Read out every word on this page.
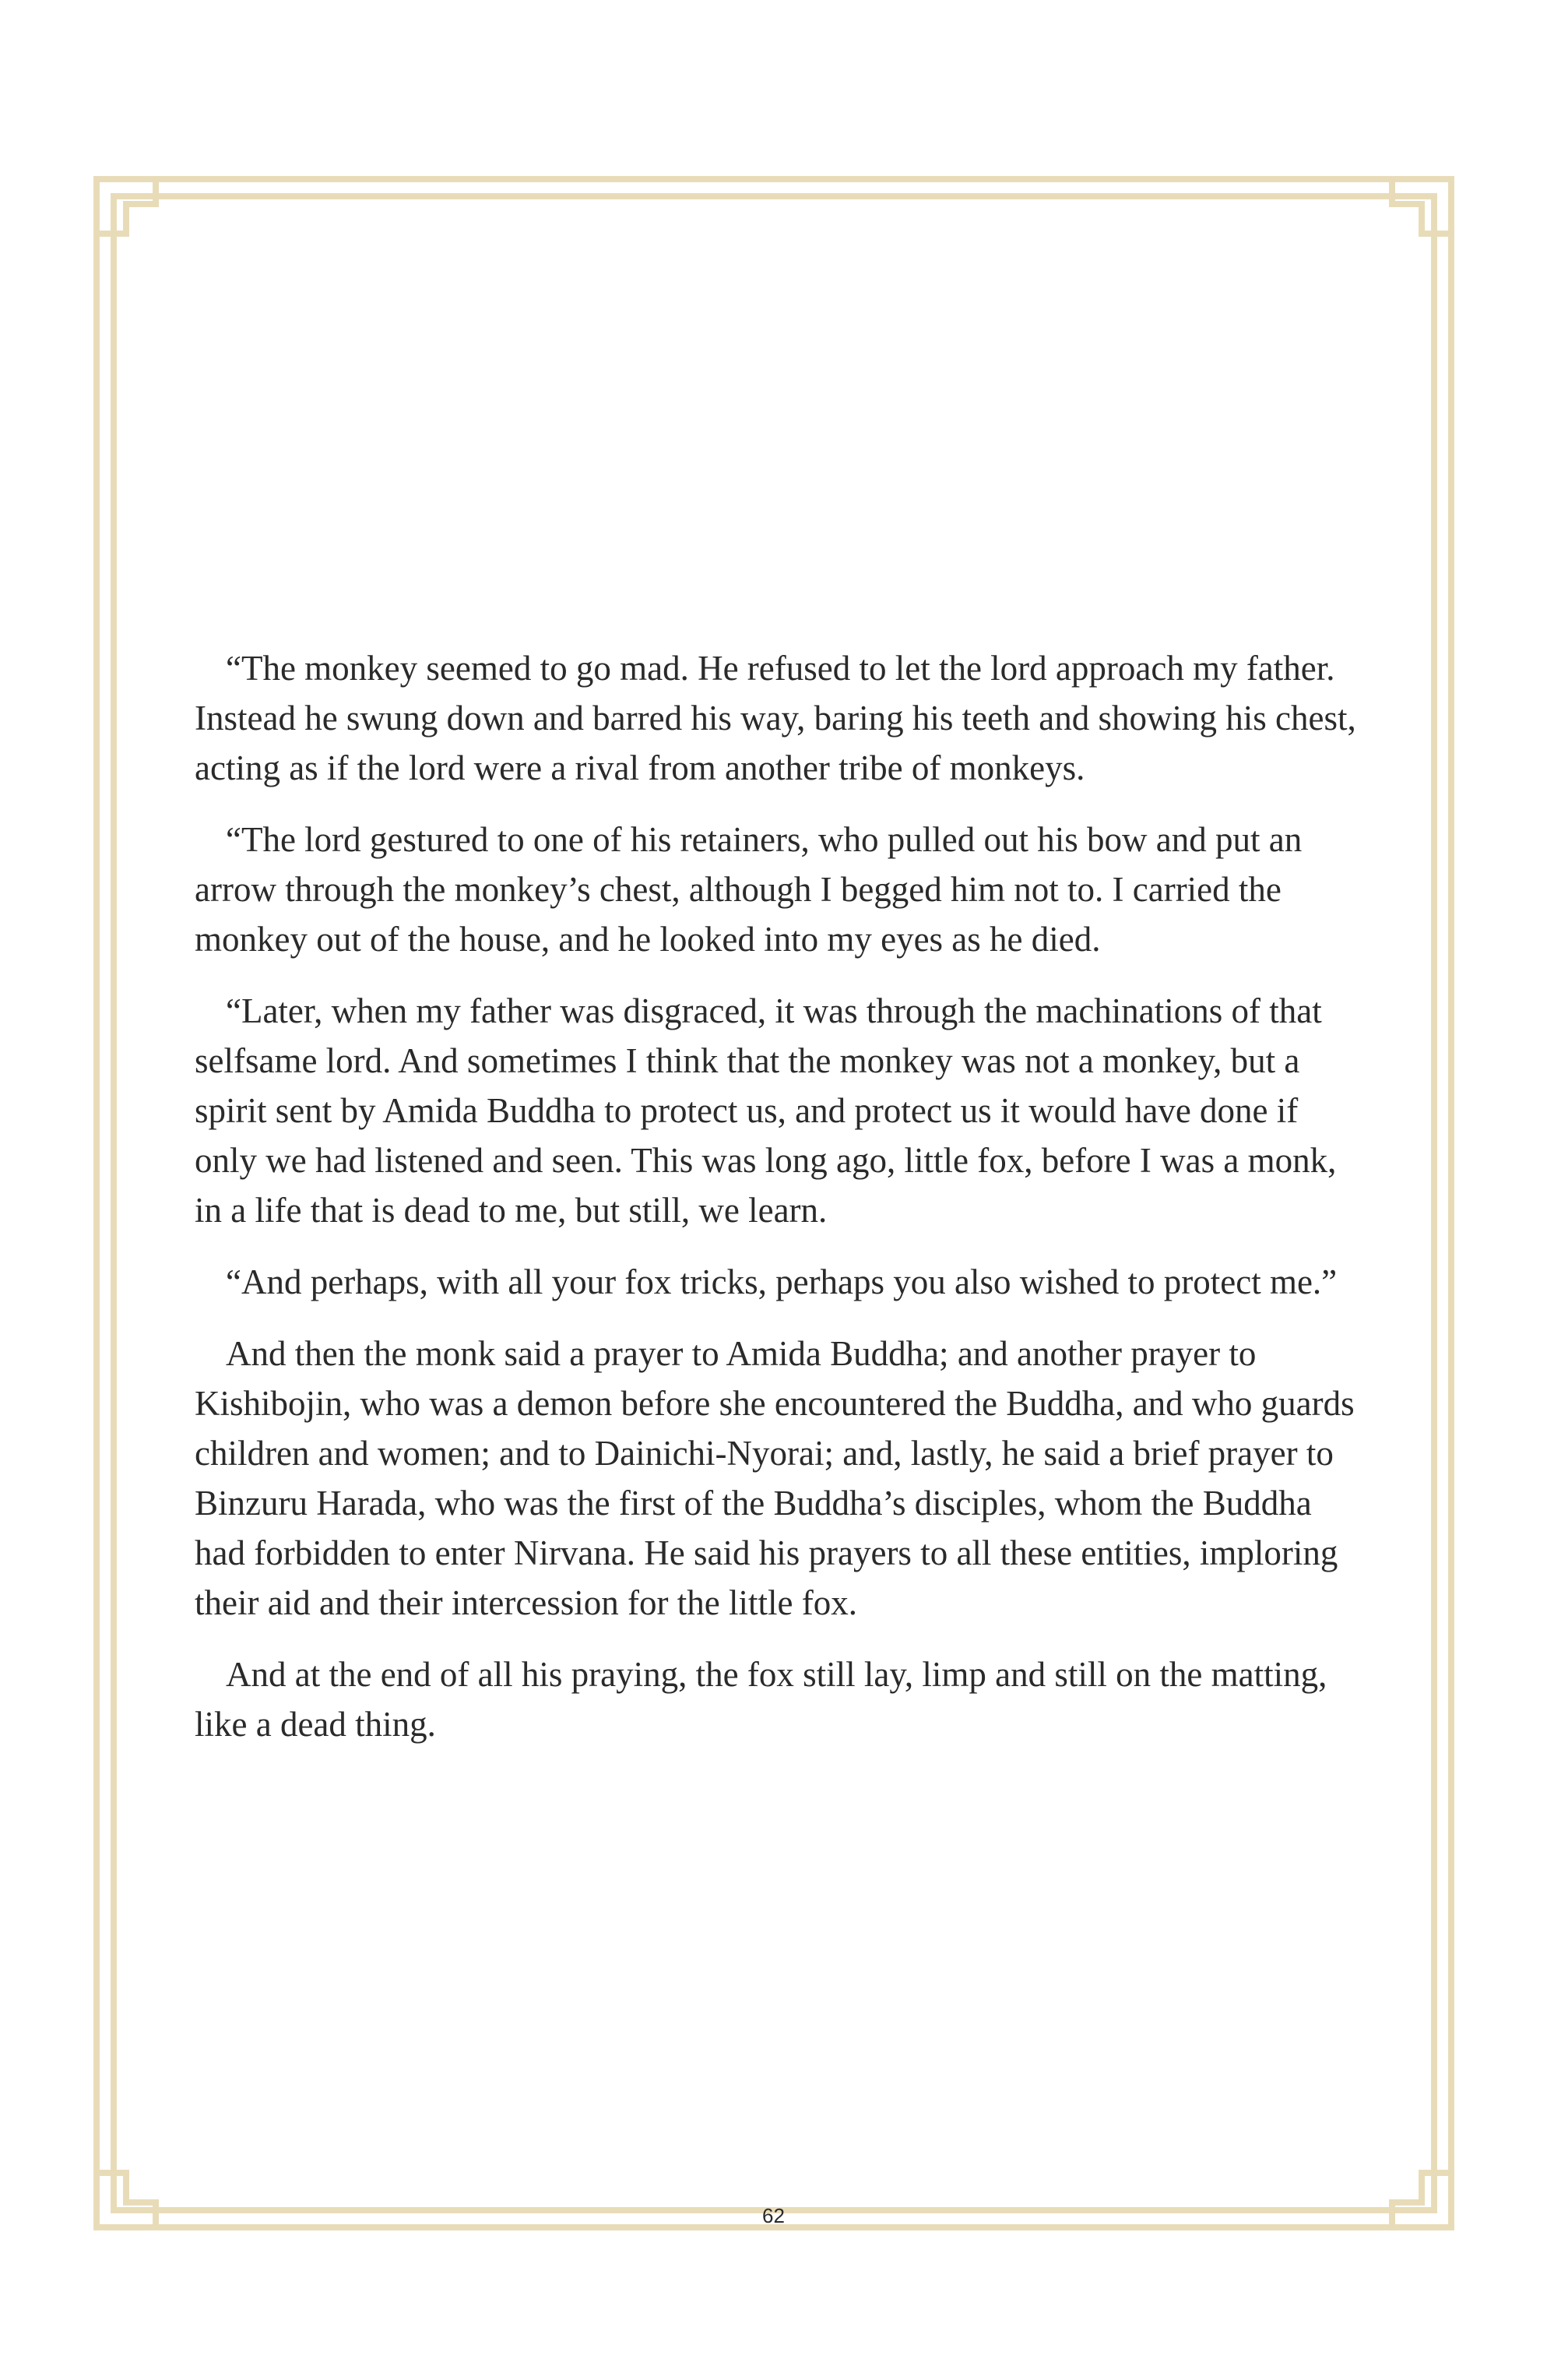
“The monkey seemed to go mad. He refused to let the lord approach my father. Instead he swung down and barred his way, baring his teeth and showing his chest, acting as if the lord were a rival from another tribe of monkeys.

“The lord gestured to one of his retainers, who pulled out his bow and put an arrow through the monkey’s chest, although I begged him not to. I carried the monkey out of the house, and he looked into my eyes as he died.

“Later, when my father was disgraced, it was through the machinations of that selfsame lord. And sometimes I think that the monkey was not a monkey, but a spirit sent by Amida Buddha to protect us, and protect us it would have done if only we had listened and seen. This was long ago, little fox, before I was a monk, in a life that is dead to me, but still, we learn.

“And perhaps, with all your fox tricks, perhaps you also wished to protect me.”

And then the monk said a prayer to Amida Buddha; and another prayer to Kishibojin, who was a demon before she encountered the Buddha, and who guards children and women; and to Dainichi-Nyorai; and, lastly, he said a brief prayer to Binzuru Harada, who was the first of the Buddha’s disciples, whom the Buddha had forbidden to enter Nirvana. He said his prayers to all these entities, imploring their aid and their intercession for the little fox.

And at the end of all his praying, the fox still lay, limp and still on the matting, like a dead thing.

62
